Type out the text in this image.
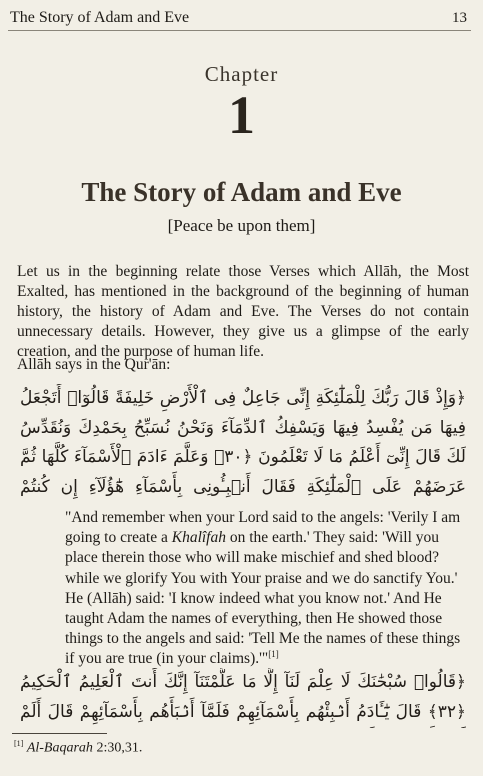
The Story of Adam and Eve	13
Chapter
1
The Story of Adam and Eve
[Peace be upon them]

Let us in the beginning relate those Verses which Allāh, the Most Exalted, has mentioned in the background of the beginning of human history, the history of Adam and Eve. The Verses do not contain unnecessary details. However, they give us a glimpse of the early creation, and the purpose of human life.

Allāh says in the Qur'ān:

﴿وَإِذْ قَالَ رَبُّكَ لِلْمَلَٰٓئِكَةِ إِنِّى جَاعِلٌ فِى ٱلْأَرْضِ خَلِيفَةً قَالُوٓا۟ أَتَجْعَلُ فِيهَا مَن يُفْسِدُ فِيهَا وَيَسْفِكُ ٱلدِّمَآءَ وَنَحْنُ نُسَبِّحُ بِحَمْدِكَ وَنُقَدِّسُ لَكَ قَالَ إِنِّىٓ أَعْلَمُ مَا لَا تَعْلَمُونَ ﴿٣٠﴾ وَعَلَّمَ ءَادَمَ ٱلْأَسْمَآءَ كُلَّهَا ثُمَّ عَرَضَهُمْ عَلَى ٱلْمَلَٰٓئِكَةِ فَقَالَ أَنۢبِـُٔونِى بِأَسْمَآءِ هَٰٓؤُلَآءِ إِن كُنتُمْ

"And remember when your Lord said to the angels: 'Verily I am going to create a Khalîfah on the earth.' They said: 'Will you place therein those who will make mischief and shed blood? while we glorify You with Your praise and we do sanctify You.' He (Allāh) said: 'I know indeed what you know not.' And He taught Adam the names of everything, then He showed those things to the angels and said: 'Tell Me the names of these things if you are true (in your claims).'"[1]

﴿قَالُوا۟ سُبْحَٰنَكَ لَا عِلْمَ لَنَآ إِلَّا مَا عَلَّمْتَنَآ إِنَّكَ أَنتَ ٱلْعَلِيمُ ٱلْحَكِيمُ ﴿٣٢﴾ قَالَ يَٰٓـَٔادَمُ أَنۢبِئْهُم بِأَسْمَآئِهِمْ فَلَمَّآ أَنۢبَأَهُم بِأَسْمَآئِهِمْ قَالَ أَلَمْ
[1] Al-Baqarah 2:30,31.
